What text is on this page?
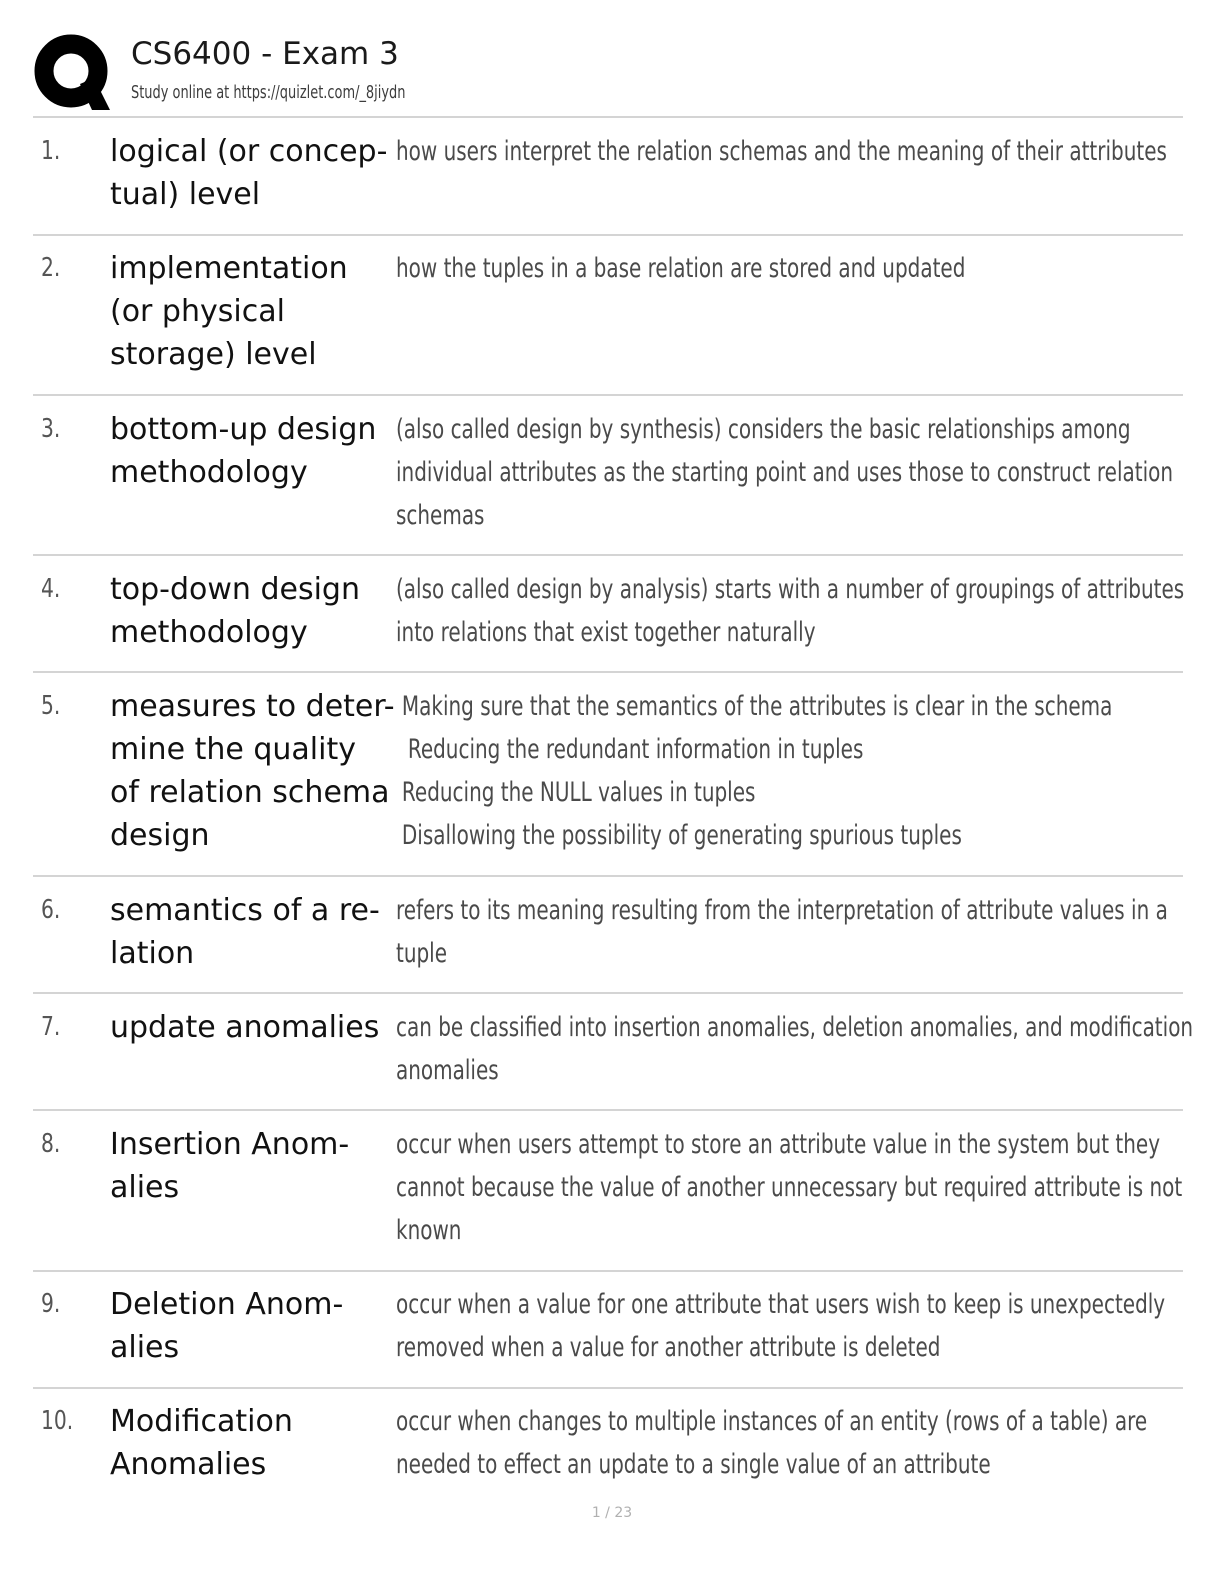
CS6400 - Exam 3
Study online at https://quizlet.com/_8jiydn
1. logical (or concep-
tual) level
how users interpret the relation schemas and the meaning of their attributes
2. implementation
(or physical
storage) level
how the tuples in a base relation are stored and updated
3. bottom-up design
methodology
(also called design by synthesis) considers the basic relationships among
individual attributes as the starting point and uses those to construct relation
schemas
4. top-down design
methodology
(also called design by analysis) starts with a number of groupings of attributes
into relations that exist together naturally
5. measures to deter-
mine the quality
of relation schema
design
Making sure that the semantics of the attributes is clear in the schema
Reducing the redundant information in tuples
Reducing the NULL values in tuples
Disallowing the possibility of generating spurious tuples
6. semantics of a re-
lation
refers to its meaning resulting from the interpretation of attribute values in a
tuple
7. update anomalies can be classified into insertion anomalies, deletion anomalies, and modification
anomalies
8. Insertion Anom-
alies
occur when users attempt to store an attribute value in the system but they
cannot because the value of another unnecessary but required attribute is not
known
9. Deletion Anom-
alies
occur when a value for one attribute that users wish to keep is unexpectedly
removed when a value for another attribute is deleted
10. Modification
Anomalies
occur when changes to multiple instances of an entity (rows of a table) are
needed to effect an update to a single value of an attribute
1 / 23
